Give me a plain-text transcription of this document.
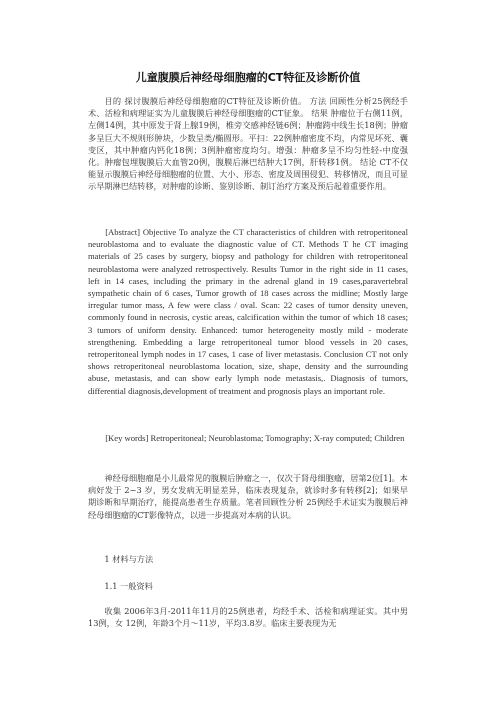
儿童腹膜后神经母细胞瘤的CT特征及诊断价值

目的 探讨腹膜后神经母细胞瘤的CT特征及诊断价值。 方法 回顾性分析25例经手术、活检和病理证实为儿童腹膜后神经母细胞瘤的CT征象。 结果 肿瘤位于右侧11例，左侧14例，其中原发于肾上腺19例，椎旁交感神经链6例；肿瘤跨中线生长18例；肿瘤多呈巨大不规则形肿块，少数呈类/椭圆形。平扫：22例肿瘤密度不均，内常见坏死、囊变区，其中肿瘤内钙化18例；3例肿瘤密度均匀。增强：肿瘤多呈不均匀性轻-中度强化。肿瘤包埋腹膜后大血管20例，腹膜后淋巴结肿大17例，肝转移1例。 结论 CT不仅能显示腹膜后神经母细胞瘤的位置、大小、形态、密度及周围侵犯、转移情况，而且可显示早期淋巴结转移，对肿瘤的诊断、鉴别诊断、制订治疗方案及预后起着重要作用。

[Abstract] Objective To analyze the CT characteristics of children with retroperitoneal neuroblastoma and to evaluate the diagnostic value of CT. Methods T he CT imaging materials of 25 cases by surgery, biopsy and pathology for children with retroperitoneal neuroblastoma were analyzed retrospectively. Results Tumor in the right side in 11 cases, left in 14 cases, including the primary in the adrenal gland in 19 cases,paravertebral sympathetic chain of 6 cases, Tumor growth of 18 cases across the midline; Mostly large irregular tumor mass, A few were class / oval. Scan: 22 cases of tumor density uneven, commonly found in necrosis, cystic areas, calcification within the tumor of which 18 cases; 3 tumors of uniform density. Enhanced: tumor heterogeneity mostly mild - moderate strengthening. Embedding a large retroperitoneal tumor blood vessels in 20 cases, retroperitoneal lymph nodes in 17 cases, 1 case of liver metastasis. Conclusion CT not only shows retroperitoneal neuroblastoma location, size, shape, density and the surrounding abuse, metastasis, and can show early lymph node metastasis,. Diagnosis of tumors, differential diagnosis,development of treatment and prognosis plays an important role.

[Key words] Retroperitoneal; Neuroblastoma; Tomography; X-ray computed; Children

神经母细胞瘤是小儿最常见的腹膜后肿瘤之一，仅次于肾母细胞瘤，居第2位[1]。本病好发于 2~3 岁，男女发病无明显差异，临床表现复杂，就诊时多有转移[2]；如果早期诊断和早期治疗，能提高患者生存质量。笔者回顾性分析 25例经手术证实为腹膜后神经母细胞瘤的CT影像特点，以进一步提高对本病的认识。

1 材料与方法

1.1 一般资料

收集 2006年3月-2011年11月的25例患者，均经手术、活检和病理证实。其中男 13例，女 12例，年龄3个月～11岁，平均3.8岁。临床主要表现为无
